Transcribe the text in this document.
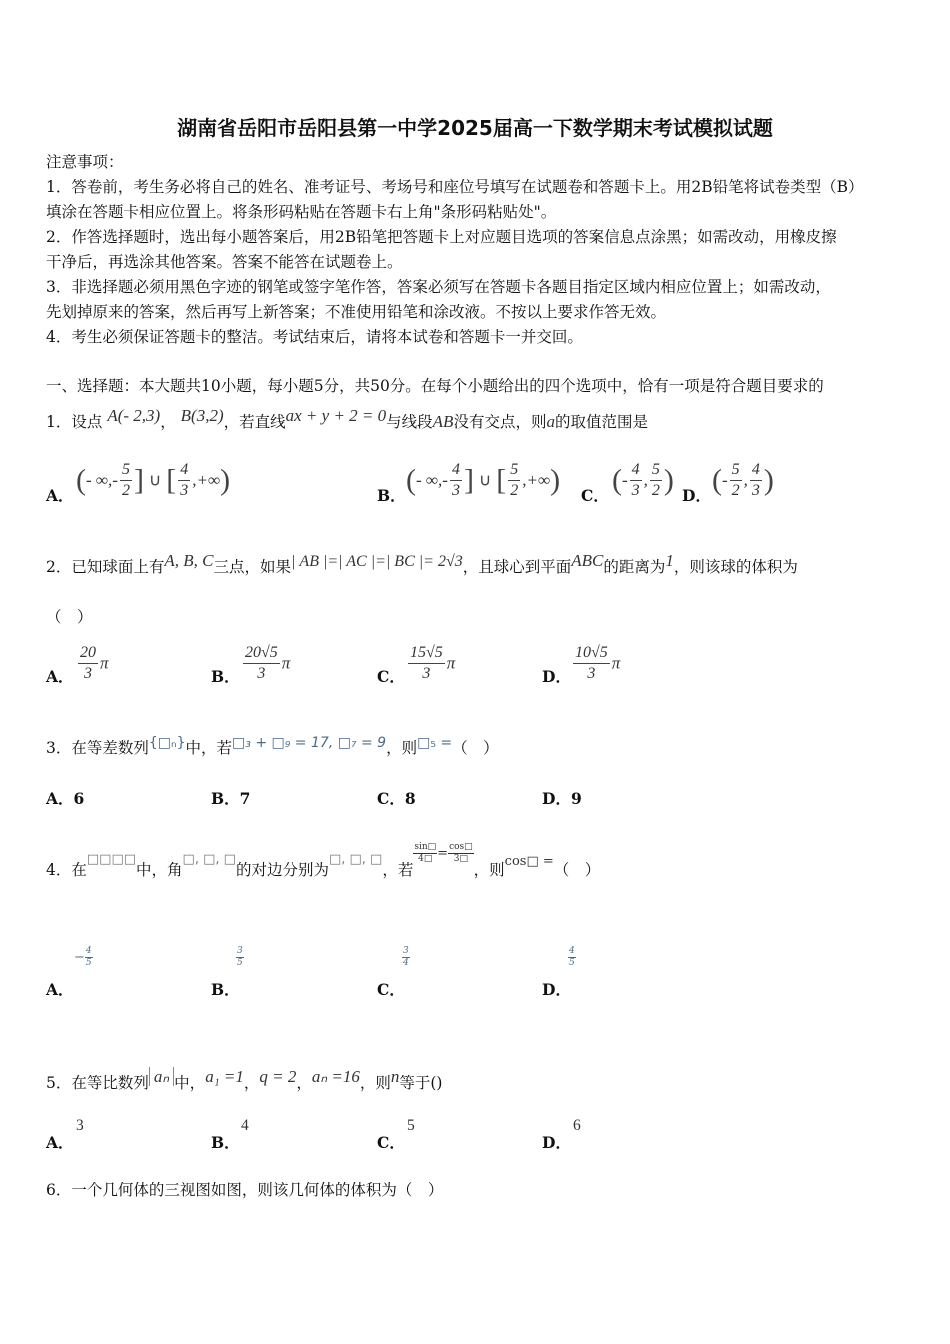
湖南省岳阳市岳阳县第一中学2025届高一下数学期末考试模拟试题
注意事项：
1．答卷前，考生务必将自己的姓名、准考证号、考场号和座位号填写在试题卷和答题卡上。用2B铅笔将试卷类型（B）
填涂在答题卡相应位置上。将条形码粘贴在答题卡右上角"条形码粘贴处"。
2．作答选择题时，选出每小题答案后，用2B铅笔把答题卡上对应题目选项的答案信息点涂黑；如需改动，用橡皮擦
干净后，再选涂其他答案。答案不能答在试题卷上。
3．非选择题必须用黑色字迹的钢笔或签字笔作答，答案必须写在答题卡各题目指定区域内相应位置上；如需改动，
先划掉原来的答案，然后再写上新答案；不准使用铅笔和涂改液。不按以上要求作答无效。
4．考生必须保证答题卡的整洁。考试结束后，请将本试卷和答题卡一并交回。
一、选择题：本大题共10小题，每小题5分，共50分。在每个小题给出的四个选项中，恰有一项是符合题目要求的
1．设点 A(- 2,3)， B(3,2)，若直线ax + y + 2 = 0与线段AB没有交点，则a的取值范围是
A． (- ∞,- $\frac{5}{2}$ ] ∪ [ $\frac{4}{3}$ ,+∞)	B． (- ∞,- $\frac{4}{3}$ ] ∪ [ $\frac{5}{2}$ ,+∞) C． (- $\frac{4}{3}$ , $\frac{5}{2}$ ) D． (- $\frac{5}{2}$ , $\frac{4}{3}$ )
2．已知球面上有A, B, C三点，如果| AB |=| AC |=| BC |= 2√3，且球心到平面ABC的距离为1，则该球的体积为
（　）
A． $\frac{20}{3}$ π
B． $\frac{20√5}{3}$ π
C． $\frac{15√5}{3}$ π
D． $\frac{10√5}{3}$ π
3．在等差数列{□ₙ}中，若□₃ + □₉ = 17, □₇ = 9，则□₅ =（　）
A．6	B．7	C．8	D．9
4．在□□□□中，角□, □, □的对边分别为□, □, □，若
$\frac{\sin□}{4□} = \frac{\cos□}{3□}$
，则$^{cos□ =}$（　）
A．
− $\frac{4}{5}$
B．
$\frac{3}{5}$
C．
$\frac{3}{4}$
D．
$\frac{4}{5}$
5．在等比数列 aₙ 中，a₁ =1，q = 2，aₙ =16，则n等于()
A．
3
B．
4
C．
5
D．
6
6．一个几何体的三视图如图，则该几何体的体积为（　）
